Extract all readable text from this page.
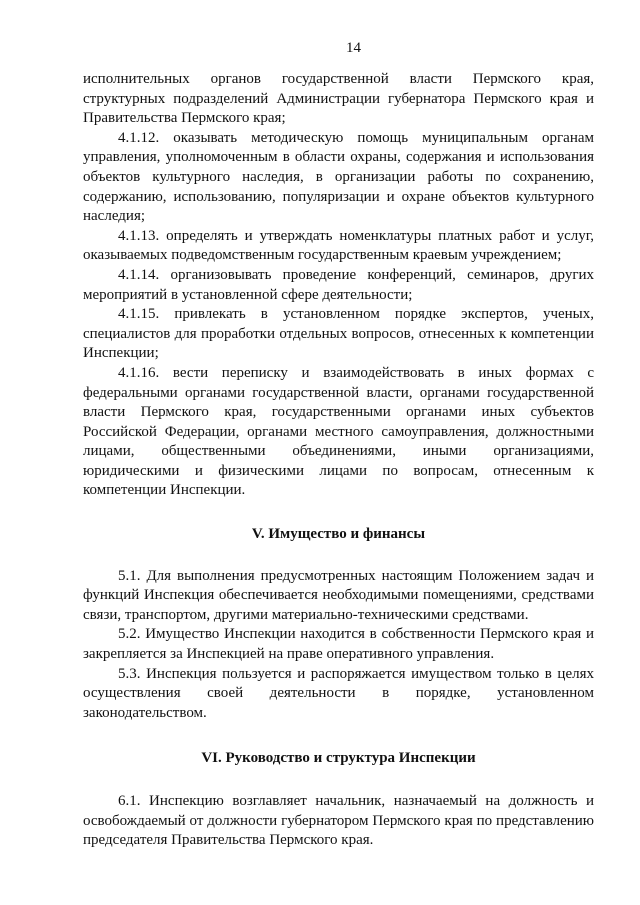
14

исполнительных органов государственной власти Пермского края, структурных подразделений Администрации губернатора Пермского края и Правительства Пермского края;

4.1.12. оказывать методическую помощь муниципальным органам управления, уполномоченным в области охраны, содержания и использования объектов культурного наследия, в организации работы по сохранению, содержанию, использованию, популяризации и охране объектов культурного наследия;

4.1.13. определять и утверждать номенклатуры платных работ и услуг, оказываемых подведомственным государственным краевым учреждением;

4.1.14. организовывать проведение конференций, семинаров, других мероприятий в установленной сфере деятельности;

4.1.15. привлекать в установленном порядке экспертов, ученых, специалистов для проработки отдельных вопросов, отнесенных к компетенции Инспекции;

4.1.16. вести переписку и взаимодействовать в иных формах с федеральными органами государственной власти, органами государственной власти Пермского края, государственными органами иных субъектов Российской Федерации, органами местного самоуправления, должностными лицами, общественными объединениями, иными организациями, юридическими и физическими лицами по вопросам, отнесенным к компетенции Инспекции.

V. Имущество и финансы

5.1. Для выполнения предусмотренных настоящим Положением задач и функций Инспекция обеспечивается необходимыми помещениями, средствами связи, транспортом, другими материально-техническими средствами.

5.2. Имущество Инспекции находится в собственности Пермского края и закрепляется за Инспекцией на праве оперативного управления.

5.3. Инспекция пользуется и распоряжается имуществом только в целях осуществления своей деятельности в порядке, установленном законодательством.

VI. Руководство и структура Инспекции

6.1. Инспекцию возглавляет начальник, назначаемый на должность и освобождаемый от должности губернатором Пермского края по представлению председателя Правительства Пермского края.
